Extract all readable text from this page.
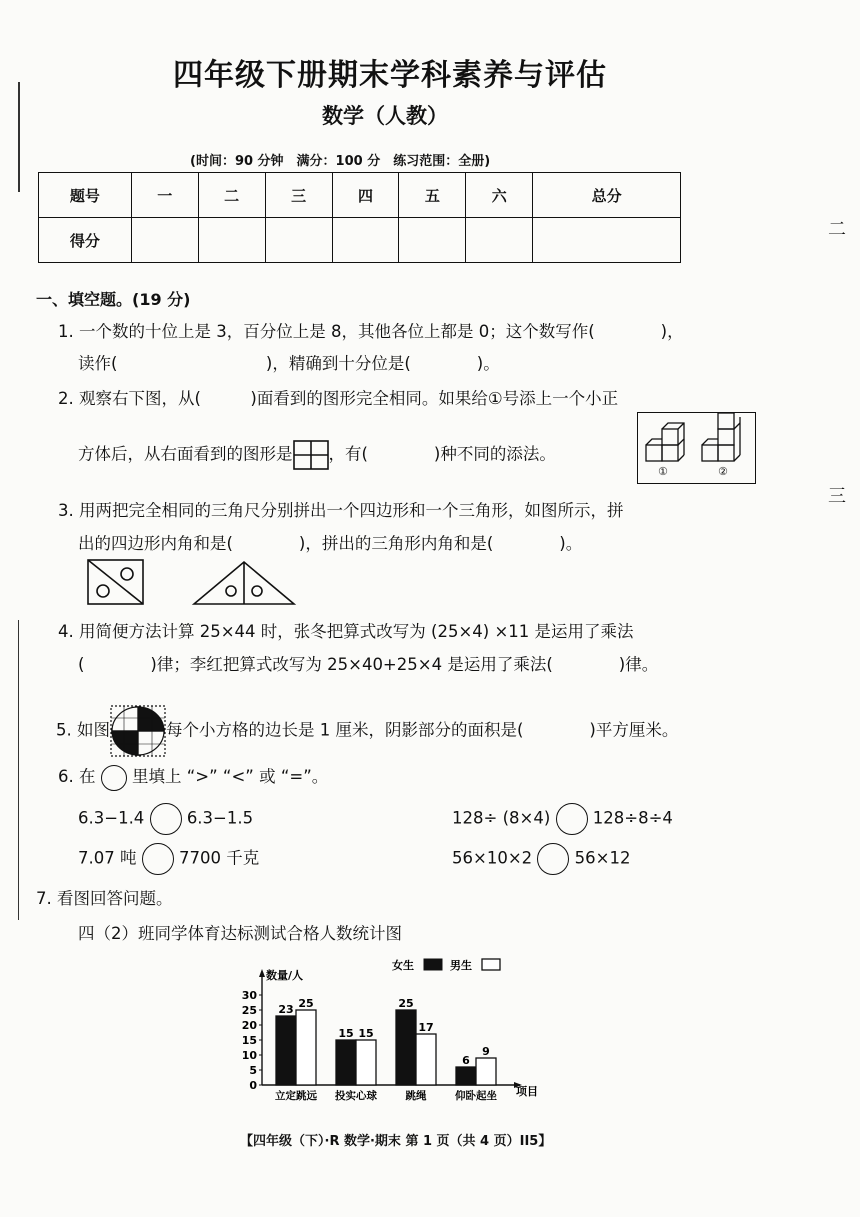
四年级下册期末学科素养与评估
数学（人教）
(时间：90 分钟　满分：100 分　练习范围：全册)
题号	一	二	三	四	五	六	总分
得分							
二
三
一、填空题。(19 分)
1. 一个数的十位上是 3，百分位上是 8，其他各位上都是 0；这个数写作(　　　　)，
读作(　　　　　　　　　)，精确到十分位是(　　　　)。
2. 观察右下图，从(　　　)面看到的图形完全相同。如果给①号添上一个小正
方体后，从右面看到的图形是 ，有(　　　　)种不同的添法。
①	②
3. 用两把完全相同的三角尺分别拼出一个四边形和一个三角形，如图所示，拼
出的四边形内角和是(　　　　)，拼出的三角形内角和是(　　　　)。
4. 用简便方法计算 25×44 时，张冬把算式改写为 (25×4) ×11 是运用了乘法
(　　　　)律；李红把算式改写为 25×40+25×4 是运用了乘法(　　　　)律。
5. 如图	每个小方格的边长是 1 厘米，阴影部分的面积是(　　　　)平方厘米。
6. 在 里填上 “>” “<” 或 “=”。
6.3−1.4	6.3−1.5	128÷ (8×4)	128÷8÷4
7.07 吨	7700 千克	56×10×2	56×12
7. 看图回答问题。
四（2）班同学体育达标测试合格人数统计图
数量/人
女生	男生
项目
0
5
10
15
20
25
30
23 25
立定跳远
15 15
投实心球
25
17
跳绳
6
9
仰卧起坐
【四年级（下）·R 数学·期末 第 1 页（共 4 页）II5】
